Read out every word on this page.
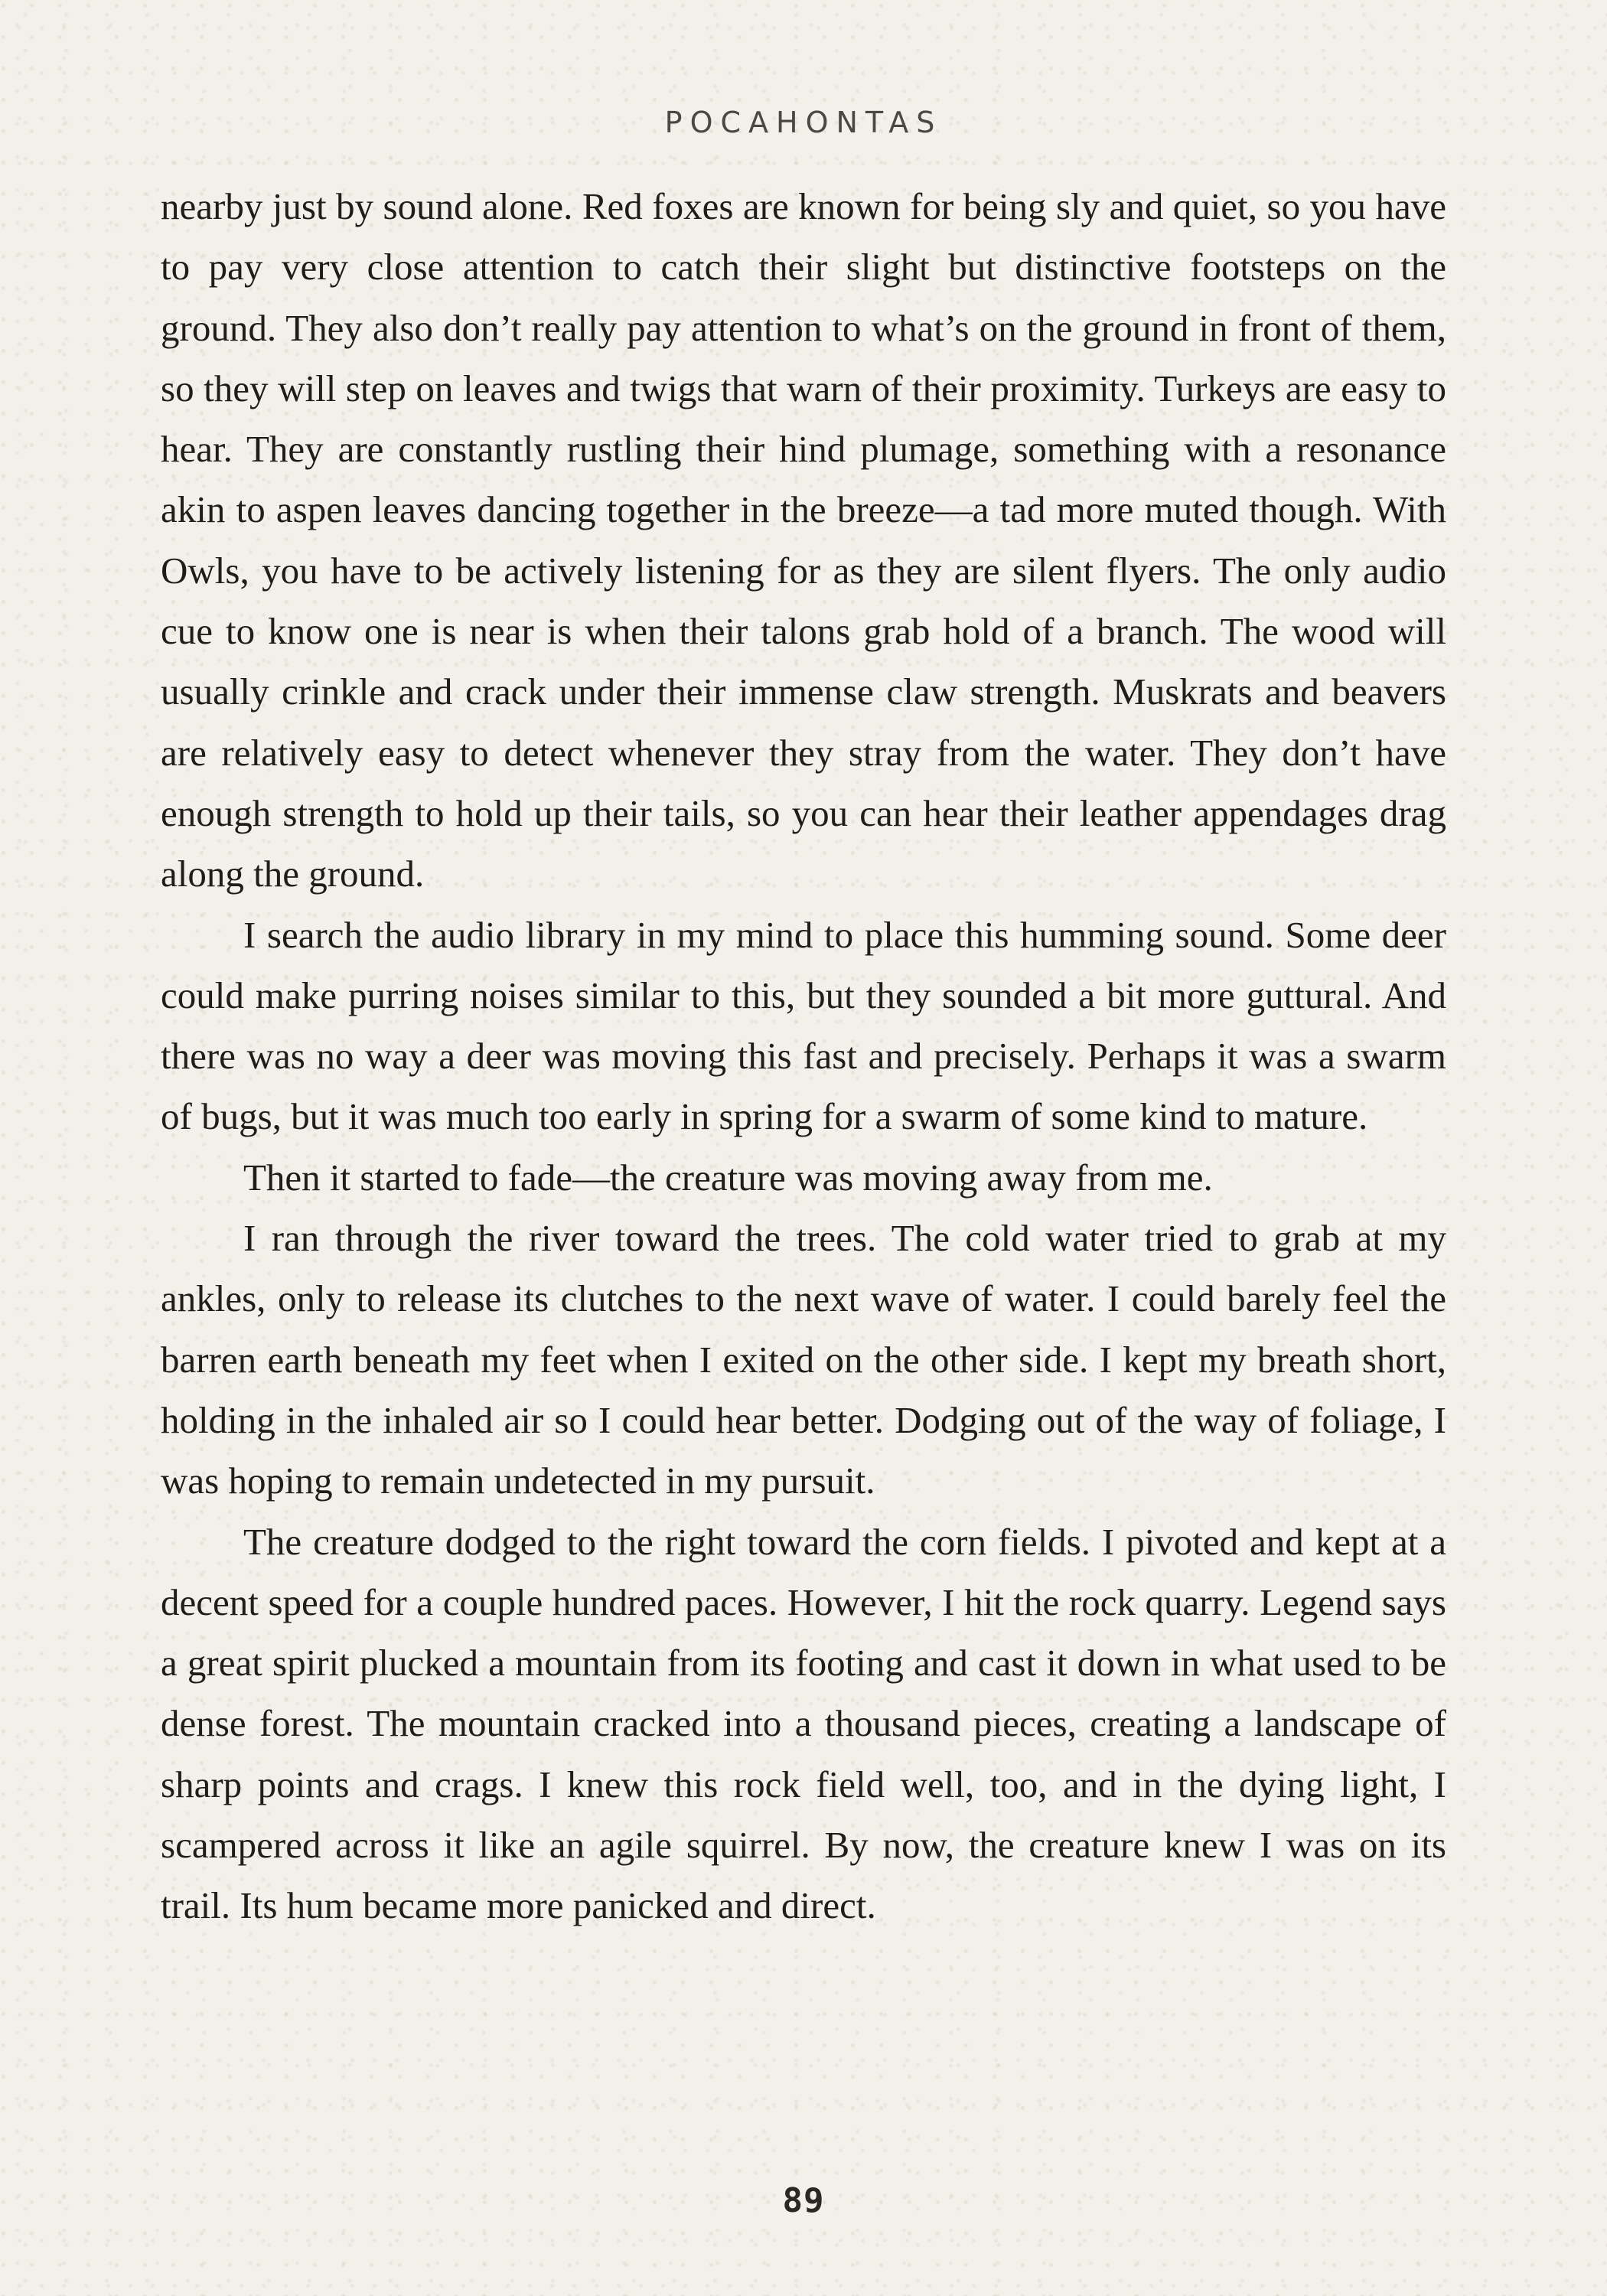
POCAHONTAS

nearby just by sound alone. Red foxes are known for being sly and quiet, so you have to pay very close attention to catch their slight but distinctive footsteps on the ground. They also don’t really pay attention to what’s on the ground in front of them, so they will step on leaves and twigs that warn of their proximity. Turkeys are easy to hear. They are constantly rustling their hind plumage, something with a resonance akin to aspen leaves dancing together in the breeze—a tad more muted though. With Owls, you have to be actively listening for as they are silent flyers. The only audio cue to know one is near is when their talons grab hold of a branch. The wood will usually crinkle and crack under their immense claw strength. Muskrats and beavers are relatively easy to detect whenever they stray from the water. They don’t have enough strength to hold up their tails, so you can hear their leather appendages drag along the ground.

I search the audio library in my mind to place this humming sound. Some deer could make purring noises similar to this, but they sounded a bit more guttural. And there was no way a deer was moving this fast and precisely. Perhaps it was a swarm of bugs, but it was much too early in spring for a swarm of some kind to mature.

Then it started to fade—the creature was moving away from me.

I ran through the river toward the trees. The cold water tried to grab at my ankles, only to release its clutches to the next wave of water. I could barely feel the barren earth beneath my feet when I exited on the other side. I kept my breath short, holding in the inhaled air so I could hear better. Dodging out of the way of foliage, I was hoping to remain undetected in my pursuit.

The creature dodged to the right toward the corn fields. I pivoted and kept at a decent speed for a couple hundred paces. However, I hit the rock quarry. Legend says a great spirit plucked a mountain from its footing and cast it down in what used to be dense forest. The mountain cracked into a thousand pieces, creating a landscape of sharp points and crags. I knew this rock field well, too, and in the dying light, I scampered across it like an agile squirrel. By now, the creature knew I was on its trail. Its hum became more panicked and direct.

89
